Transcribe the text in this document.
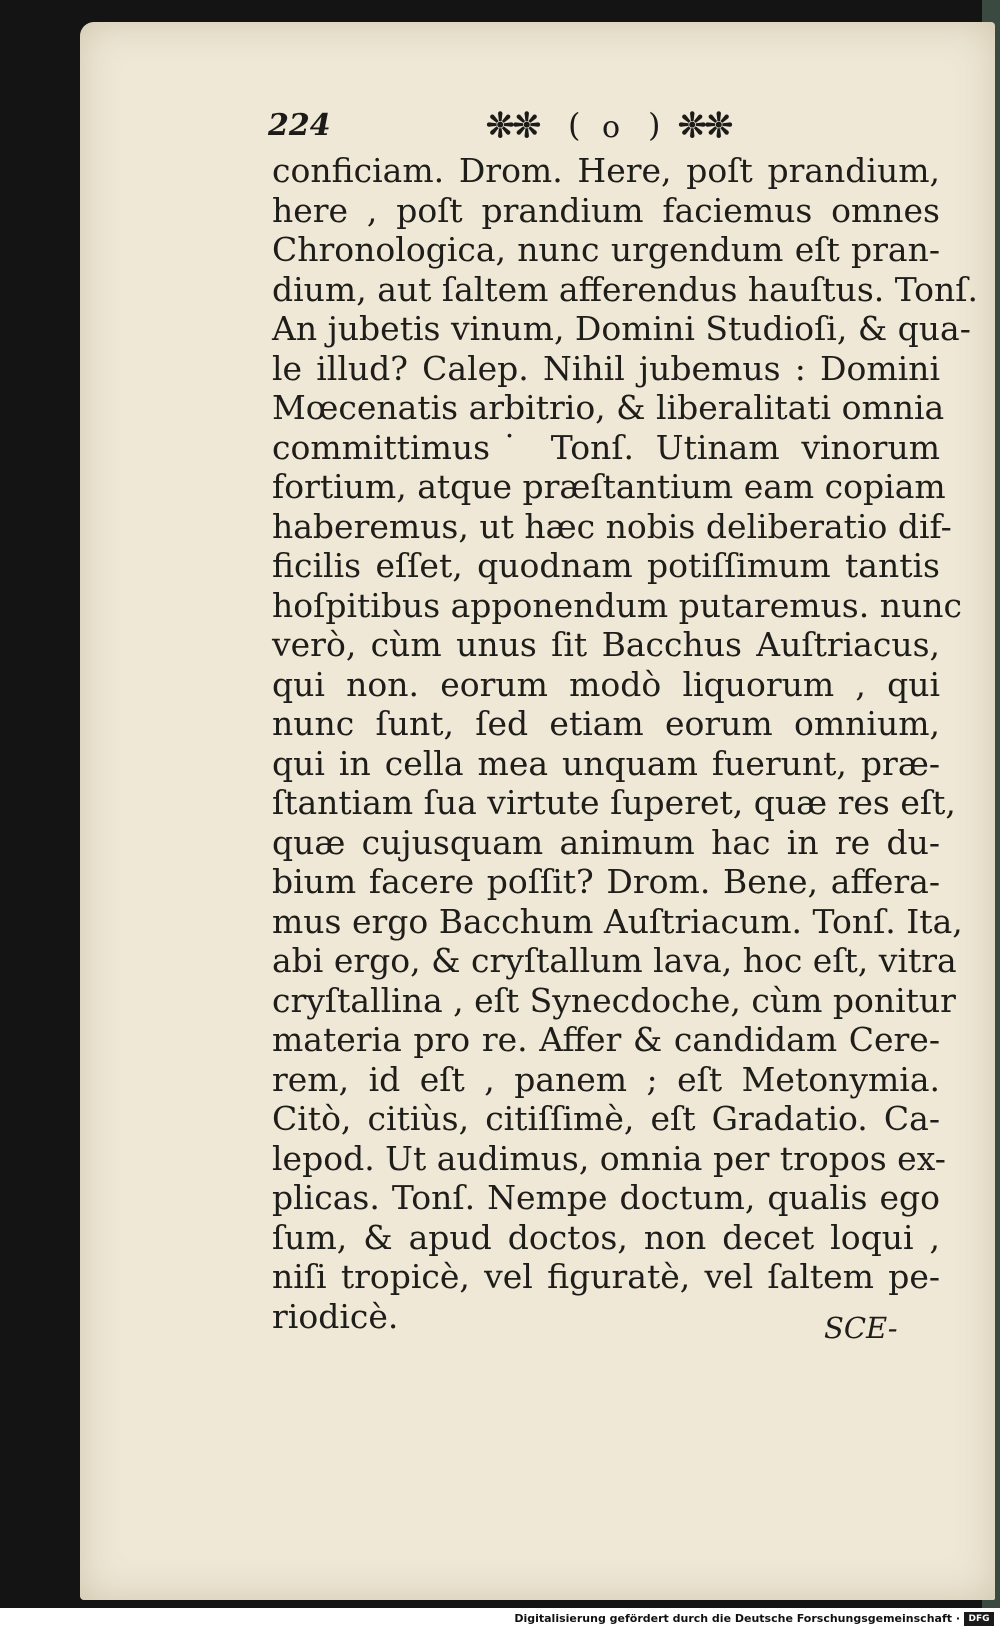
224	❊❊ ( o ) ❊❊
conficiam. Drom. Here, poſt prandium,
here , poſt prandium faciemus omnes
Chronologica, nunc urgendum eſt pran-
dium, aut ſaltem afferendus hauſtus. Tonſ.
An jubetis vinum, Domini Studioſi, & qua-
le illud? Calep. Nihil jubemus : Domini
Mœcenatis arbitrio, & liberalitati omnia
committimus˙ Tonſ. Utinam vinorum
fortium, atque præſtantium eam copiam
haberemus, ut hæc nobis deliberatio dif-
ficilis eſſet, quodnam potiſſimum tantis
hoſpitibus apponendum putaremus. nunc
verò, cùm unus ſit Bacchus Auſtriacus,
qui non. eorum modò liquorum , qui
nunc ſunt, ſed etiam eorum omnium,
qui in cella mea unquam fuerunt, præ-
ſtantiam ſua virtute ſuperet, quæ res eſt,
quæ cujusquam animum hac in re du-
bium facere poſſit? Drom. Bene, affera-
mus ergo Bacchum Auſtriacum. Tonſ. Ita,
abi ergo, & cryſtallum lava, hoc eſt, vitra
cryſtallina , eſt Synecdoche, cùm ponitur
materia pro re. Affer & candidam Cere-
rem, id eſt , panem ; eſt Metonymia.
Citò, citiùs, citiſſimè, eſt Gradatio. Ca-
lepod. Ut audimus, omnia per tropos ex-
plicas. Tonſ. Nempe doctum, qualis ego
ſum, & apud doctos, non decet loqui ,
niſi tropicè, vel figuratè, vel ſaltem pe-
riodicè.	SCE-
Digitalisierung gefördert durch die Deutsche Forschungsgemeinschaft · DFG
